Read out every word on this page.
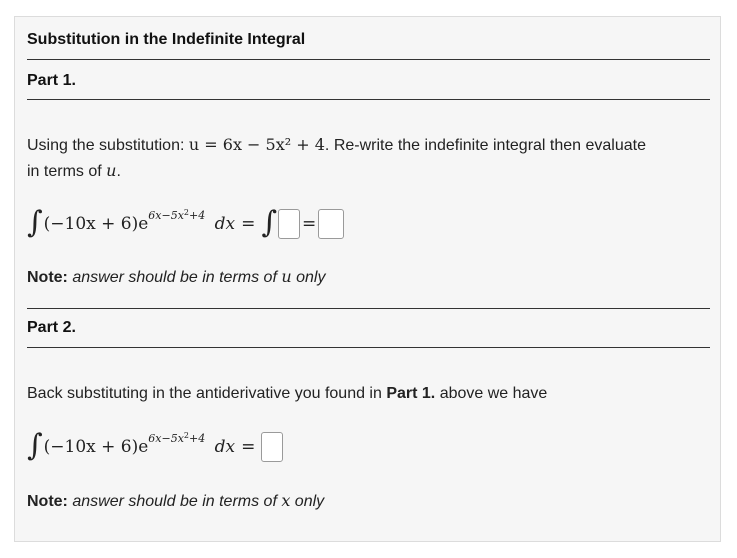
Substitution in the Indefinite Integral
Part 1.
Using the substitution: u = 6x − 5x² + 4. Re-write the indefinite integral then evaluate
in terms of u.
∫ $(-10x + 6)e^{6x-5x^2+4}$ dx = ∫ =
Note: answer should be in terms of u only
Part 2.
Back substituting in the antiderivative you found in Part 1. above we have
∫ $(-10x + 6)e^{6x-5x^2+4}$ dx =
Note: answer should be in terms of x only
